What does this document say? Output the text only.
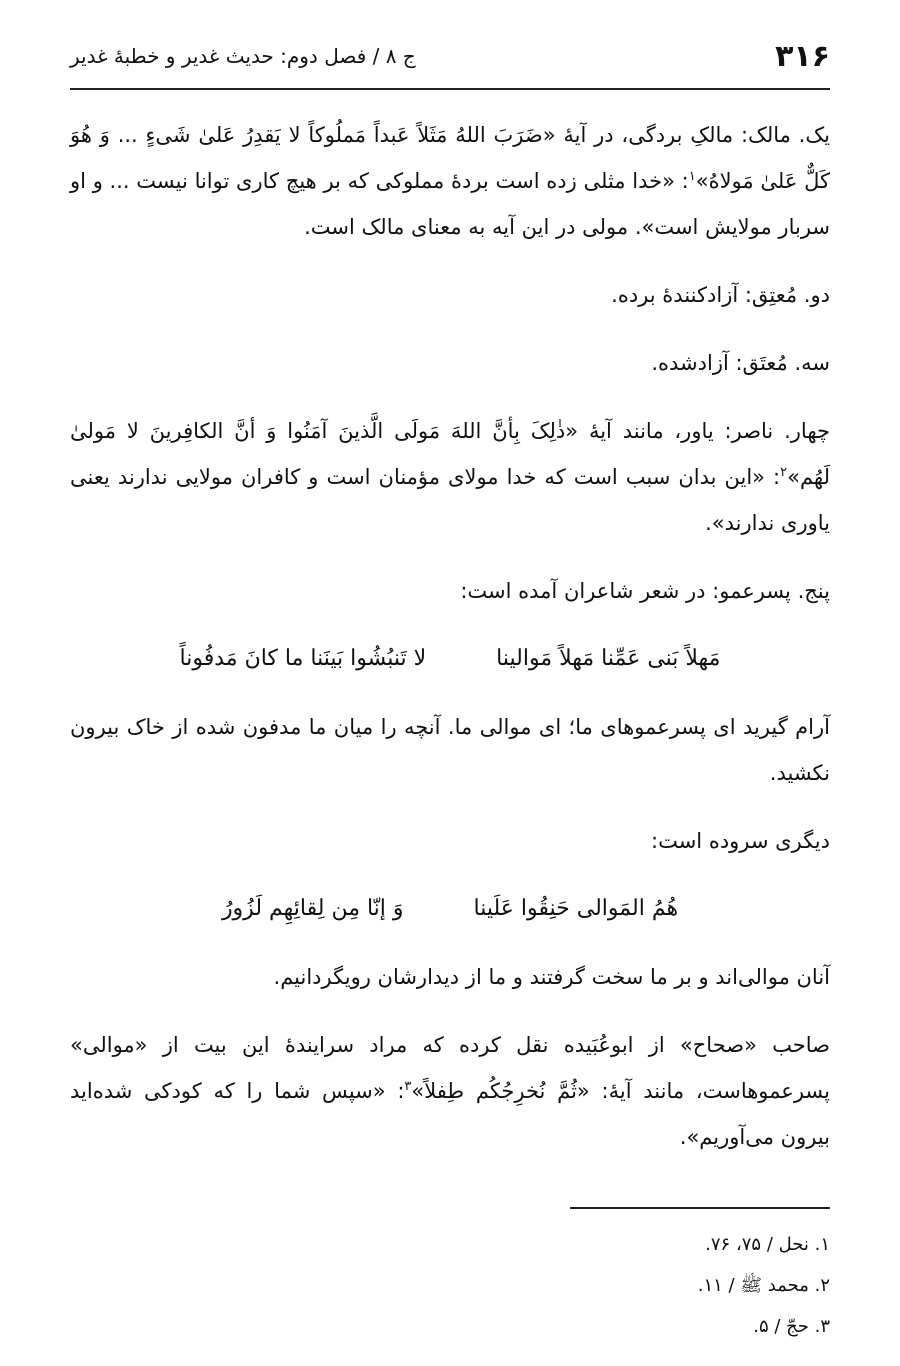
۳۱۶
ج ۸ / فصل دوم: حدیث غدیر و خطبهٔ غدیر

یک. مالک: مالکِ بردگی، در آیهٔ «ضَرَبَ اللهُ مَثَلاً عَبداً مَملُوکاً لا یَقدِرُ عَلیٰ شَیءٍ ... وَ هُوَ کَلٌّ عَلیٰ مَولاهُ»$^۱$: «خدا مثلی زده است بردهٔ مملوکی که بر هیچ کاری توانا نیست ... و او سربار مولایش است». مولی در این آیه به معنای مالک است.

دو. مُعتِق: آزادکنندهٔ برده.

سه. مُعتَق: آزادشده.

چهار. ناصر: یاور، مانند آیهٔ «ذٰلِکَ بِأنَّ اللهَ مَولَی الَّذینَ آمَنُوا وَ أنَّ الکافِرینَ لا مَولیٰ لَهُم»$^۲$: «این بدان سبب است که خدا مولای مؤمنان است و کافران مولایی ندارند یعنی یاوری ندارند».

پنج. پسرعمو: در شعر شاعران آمده است:

مَهلاً بَنی عَمِّنا مَهلاً مَوالینا
لا تَنبُشُوا بَینَنا ما کانَ مَدفُوناً

آرام گیرید ای پسرعموهای ما؛ ای موالی ما. آنچه را میان ما مدفون شده از خاک بیرون نکشید.

دیگری سروده است:

هُمُ المَوالی حَنِقُوا عَلَینا
وَ إنّا مِن لِقائِهِم لَزُورُ

آنان موالی‌اند و بر ما سخت گرفتند و ما از دیدارشان رویگردانیم.

صاحب «صحاح» از ابوعُبَیده نقل کرده که مراد سرایندهٔ این بیت از «موالی» پسرعموهاست، مانند آیهٔ: «ثُمَّ نُخرِجُکُم طِفلاً»$^۳$: «سپس شما را که کودکی شده‌اید بیرون می‌آوریم».

۱. نحل / ۷۵، ۷۶.
۲. محمد ﷺ / ۱۱.
۳. حجّ / ۵.
